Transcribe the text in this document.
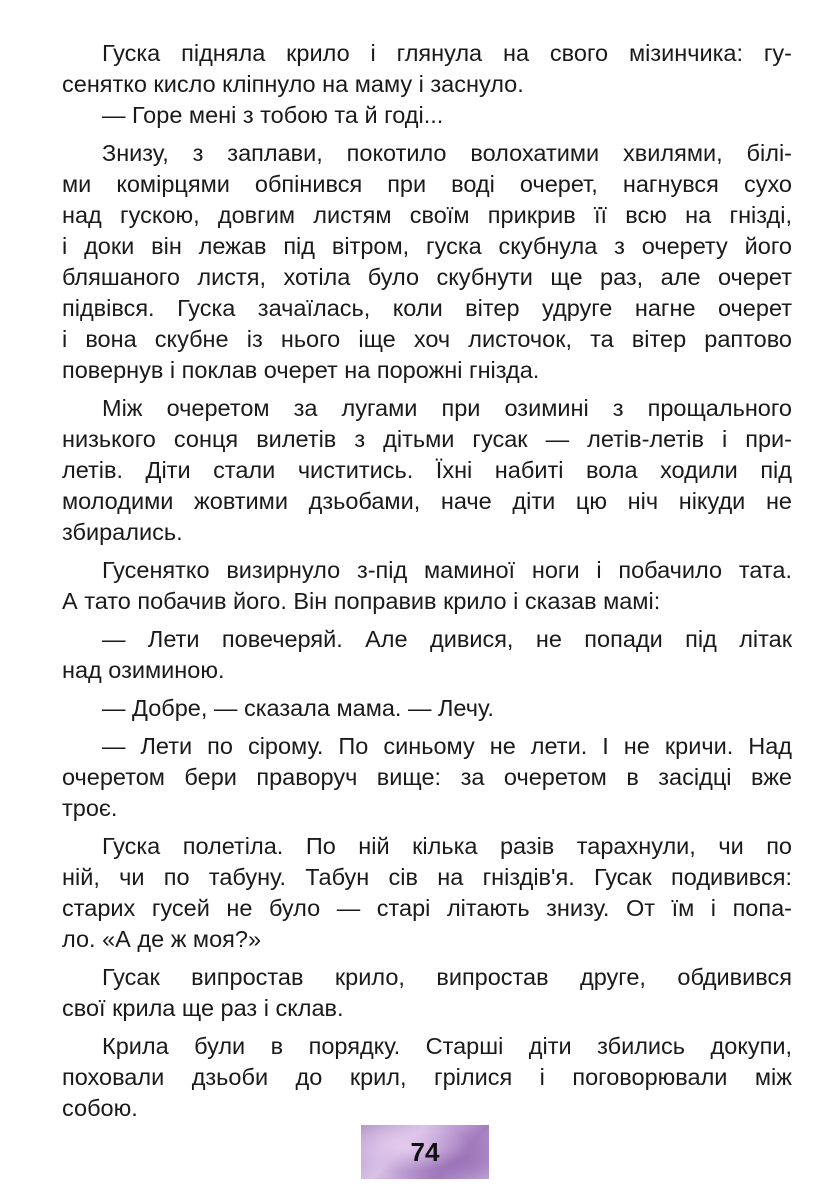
Гуска підняла крило і глянула на свого мізинчика: гу-
сенятко кисло кліпнуло на маму і заснуло.
— Горе мені з тобою та й годі...
Знизу, з заплави, покотило волохатими хвилями, білі-
ми комірцями обпінився при воді очерет, нагнувся сухо
над гускою, довгим листям своїм прикрив її всю на гнізді,
і доки він лежав під вітром, гуска скубнула з очерету його
бляшаного листя, хотіла було скубнути ще раз, але очерет
підвівся. Гуска зачаїлась, коли вітер удруге нагне очерет
і вона скубне із нього іще хоч листочок, та вітер раптово
повернув і поклав очерет на порожні гнізда.
Між очеретом за лугами при озимині з прощального
низького сонця вилетів з дітьми гусак — летів-летів і при-
летів. Діти стали чиститись. Їхні набиті вола ходили під
молодими жовтими дзьобами, наче діти цю ніч нікуди не
збирались.
Гусенятко визирнуло з-під маминої ноги і побачило тата.
А тато побачив його. Він поправив крило і сказав мамі:
— Лети повечеряй. Але дивися, не попади під літак
над озиминою.
— Добре, — сказала мама. — Лечу.
— Лети по сірому. По синьому не лети. І не кричи. Над
очеретом бери праворуч вище: за очеретом в засідці вже
троє.
Гуска полетіла. По ній кілька разів тарахнули, чи по
ній, чи по табуну. Табун сів на гніздів'я. Гусак подивився:
старих гусей не було — старі літають знизу. От їм і попа-
ло. «А де ж моя?»
Гусак випростав крило, випростав друге, обдивився
свої крила ще раз і склав.
Крила були в порядку. Старші діти збились докупи,
поховали дзьоби до крил, грілися і поговорювали між
собою.
74
